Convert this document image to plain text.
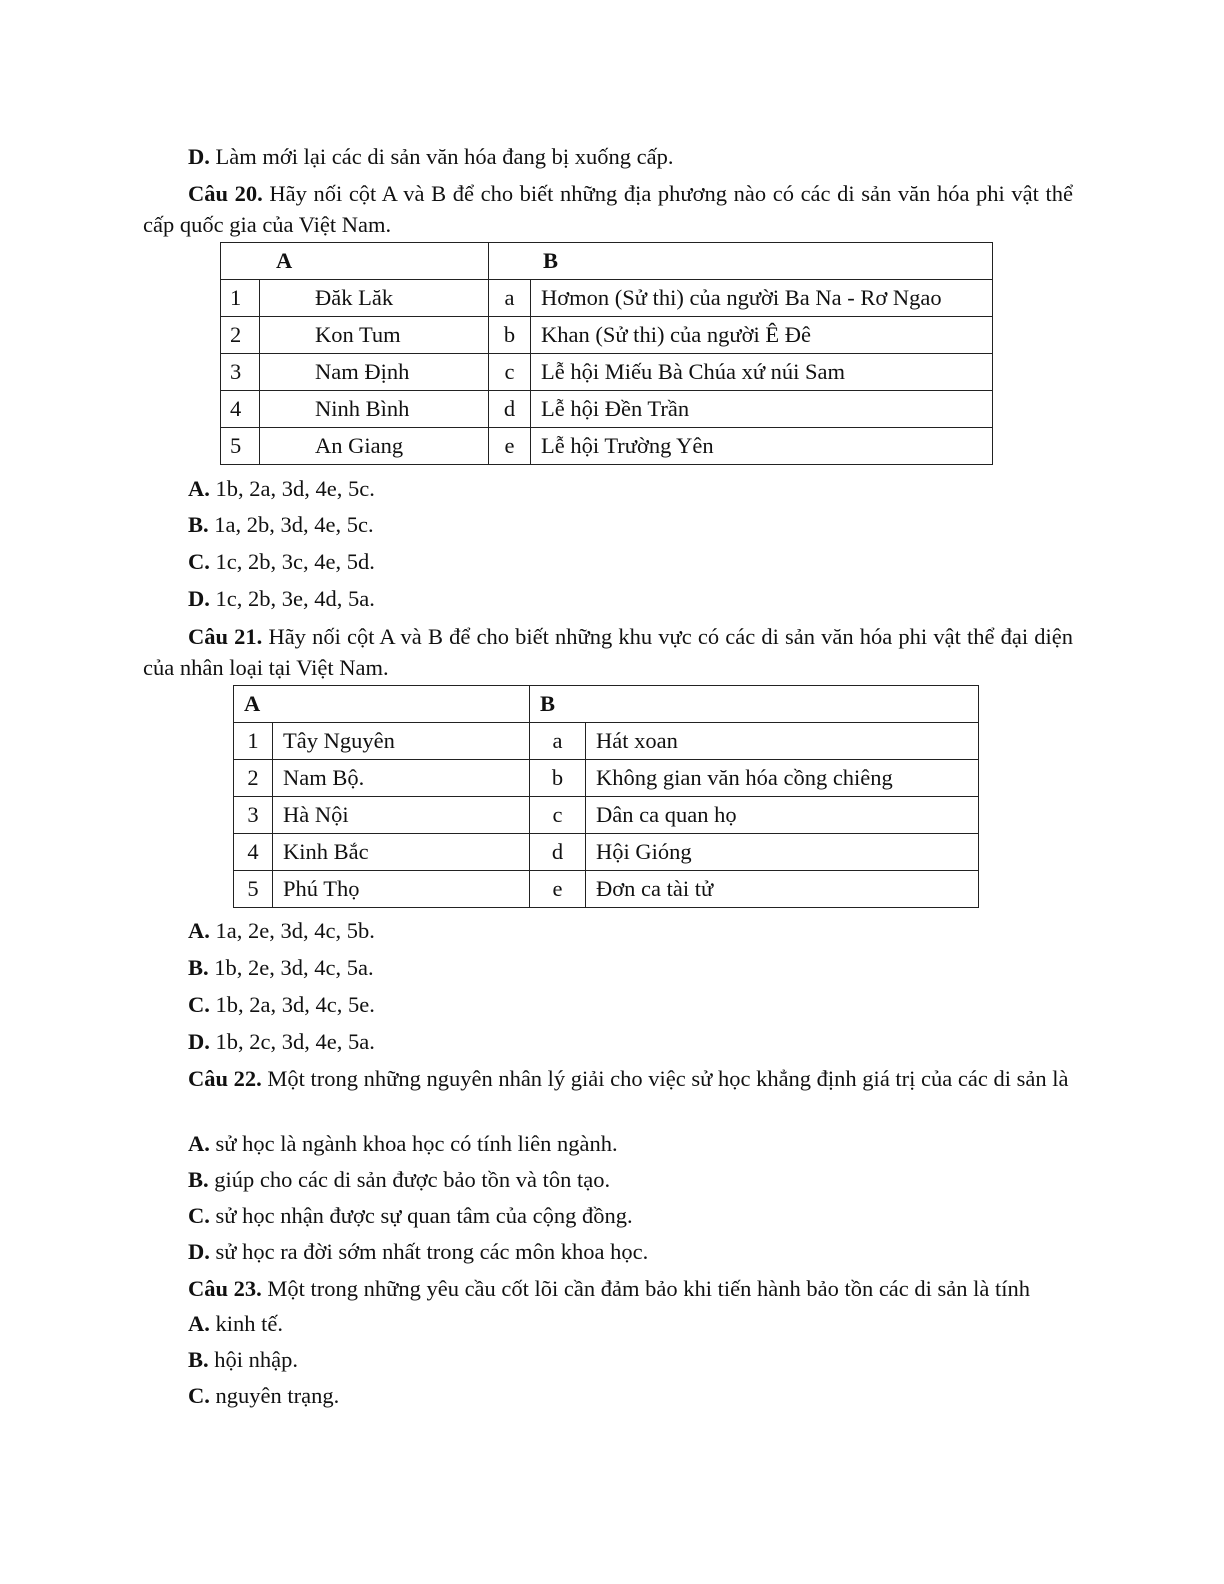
D. Làm mới lại các di sản văn hóa đang bị xuống cấp.
Câu 20. Hãy nối cột A và B để cho biết những địa phương nào có các di sản văn hóa phi vật thể cấp quốc gia của Việt Nam.
A		B	
1	Đăk Lăk	a	Hơmon (Sử thi) của người Ba Na - Rơ Ngao
2	Kon Tum	b	Khan (Sử thi) của người Ê Đê
3	Nam Định	c	Lễ hội Miếu Bà Chúa xứ núi Sam
4	Ninh Bình	d	Lễ hội Đền Trần
5	An Giang	e	Lễ hội Trường Yên
A. 1b, 2a, 3d, 4e, 5c.
B. 1a, 2b, 3d, 4e, 5c.
C. 1c, 2b, 3c, 4e, 5d.
D. 1c, 2b, 3e, 4d, 5a.
Câu 21. Hãy nối cột A và B để cho biết những khu vực có các di sản văn hóa phi vật thể đại diện của nhân loại tại Việt Nam.
A		B	
1	Tây Nguyên	a	Hát xoan
2	Nam Bộ.	b	Không gian văn hóa cồng chiêng
3	Hà Nội	c	Dân ca quan họ
4	Kinh Bắc	d	Hội Gióng
5	Phú Thọ	e	Đơn ca tài tử
A. 1a, 2e, 3d, 4c, 5b.
B. 1b, 2e, 3d, 4c, 5a.
C. 1b, 2a, 3d, 4c, 5e.
D. 1b, 2c, 3d, 4e, 5a.
Câu 22. Một trong những nguyên nhân lý giải cho việc sử học khẳng định giá trị của các di sản là
A. sử học là ngành khoa học có tính liên ngành.
B. giúp cho các di sản được bảo tồn và tôn tạo.
C. sử học nhận được sự quan tâm của cộng đồng.
D. sử học ra đời sớm nhất trong các môn khoa học.
Câu 23. Một trong những yêu cầu cốt lõi cần đảm bảo khi tiến hành bảo tồn các di sản là tính
A. kinh tế.
B. hội nhập.
C. nguyên trạng.
